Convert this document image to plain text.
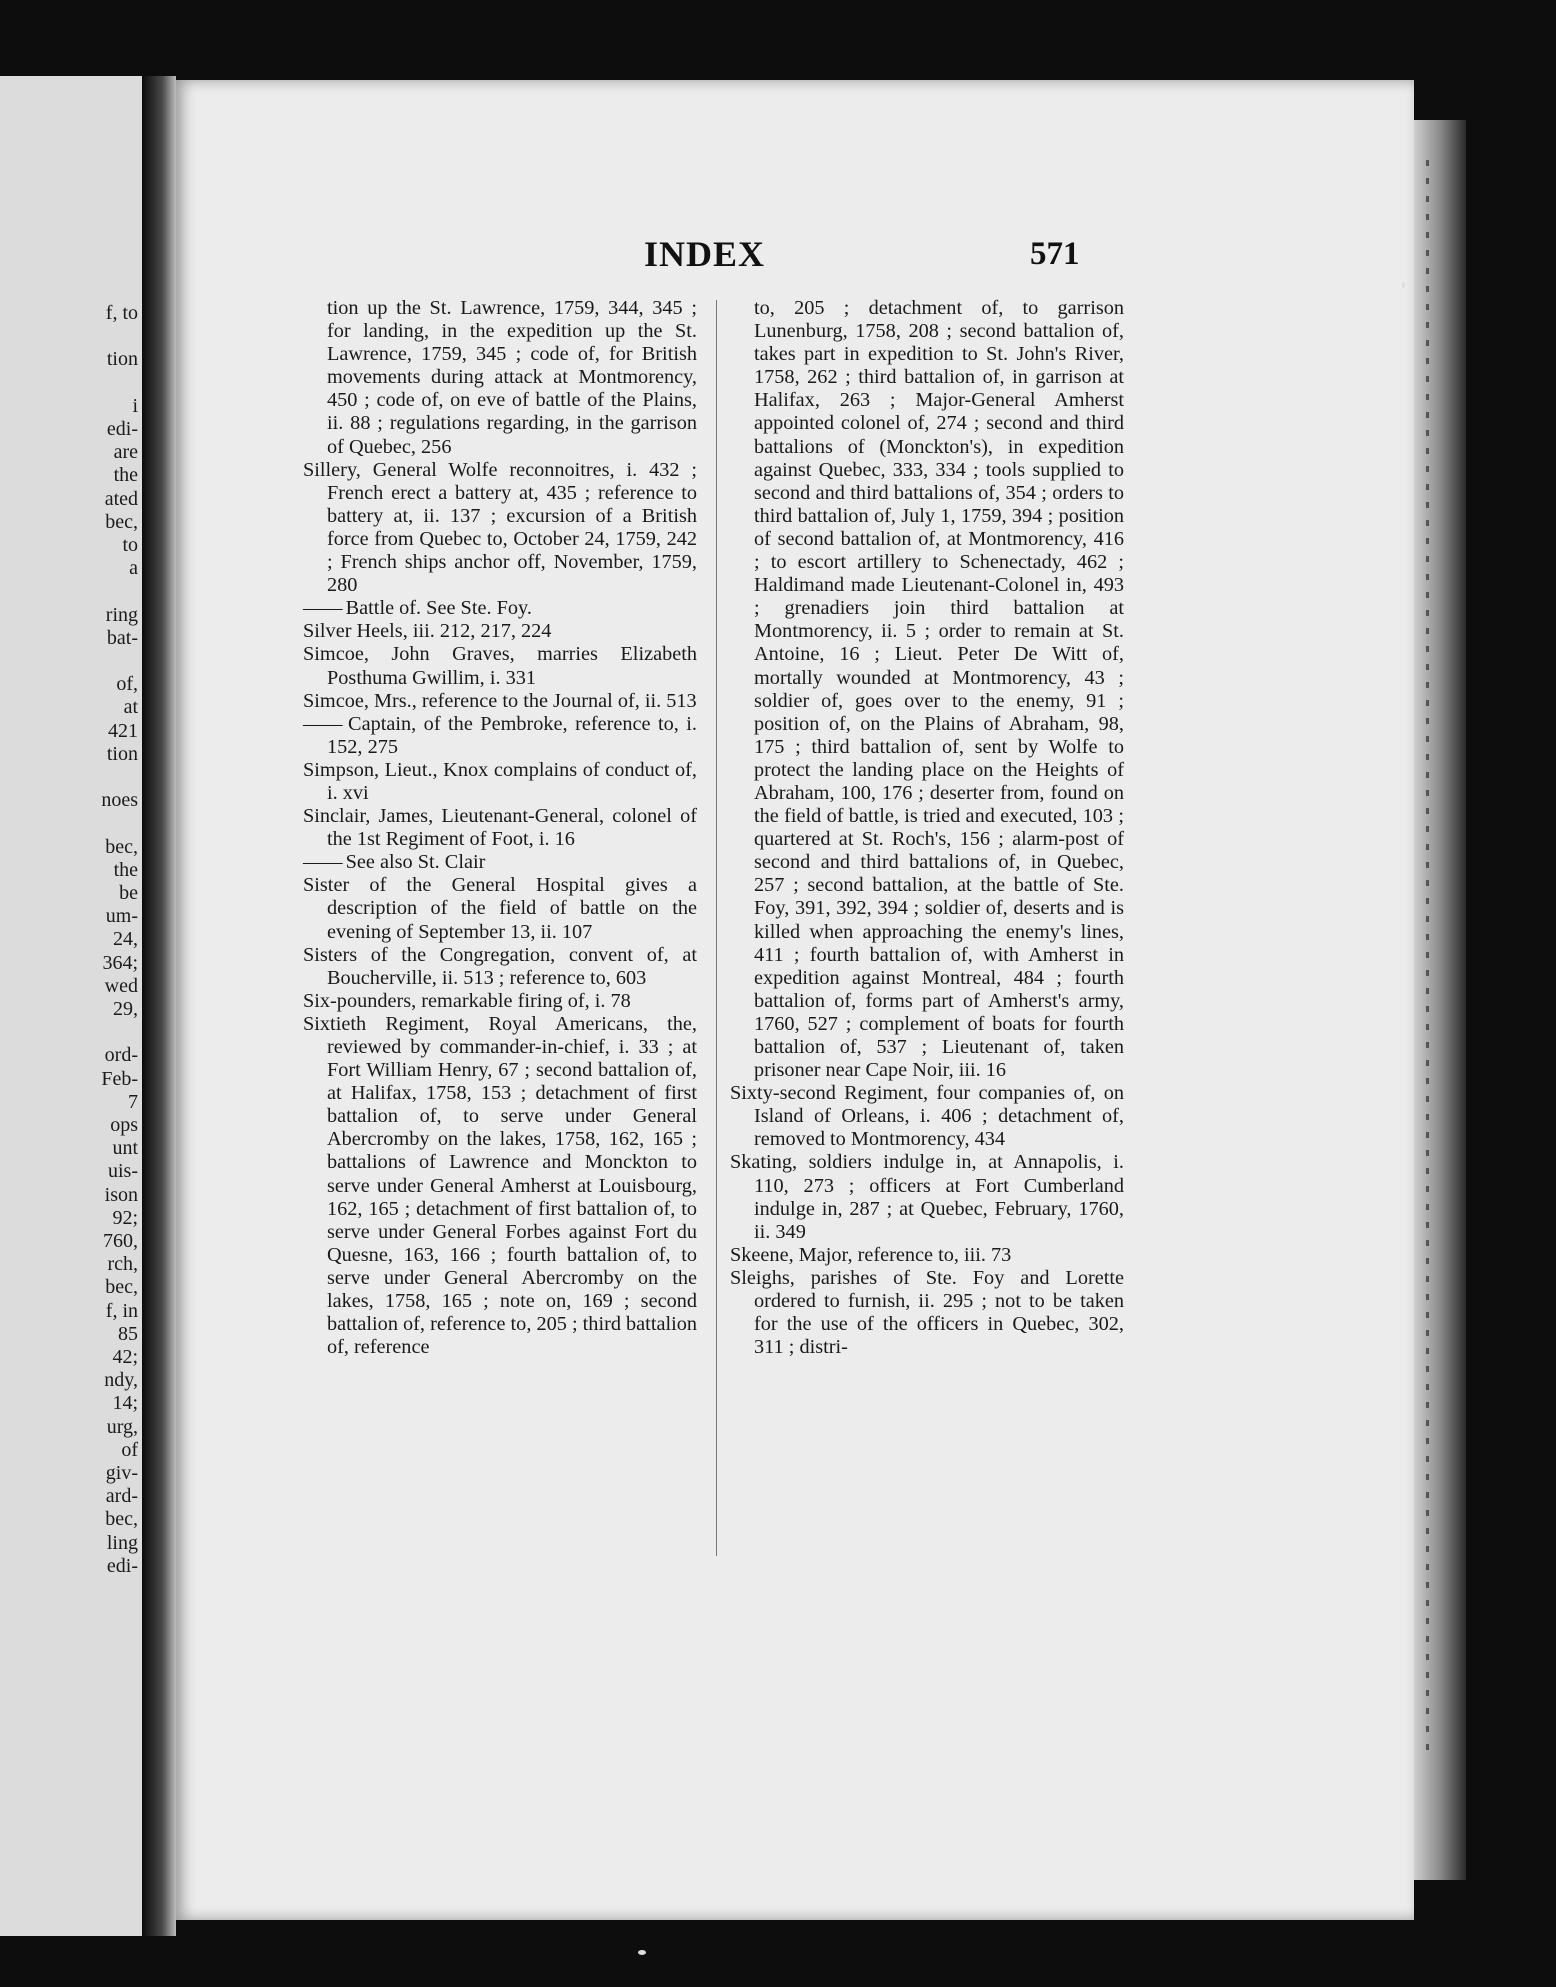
f, to
tion
i
edi-
are
the
ated
bec,
to
a
ring
bat-
of,
at
421
tion
noes
bec,
the
be
um-
24,
364;
wed
29,
ord-
Feb-
7
ops
unt
uis-
ison
92;
760,
rch,
bec,
f, in
85
42;
ndy,
14;
urg,
of
giv-
ard-
bec,
ling
edi-
INDEX	571

tion up the St. Lawrence, 1759, 344, 345 ; for landing, in the expedition up the St. Lawrence, 1759, 345 ; code of, for British movements during attack at Montmorency, 450 ; code of, on eve of battle of the Plains, ii. 88 ; regulations regarding, in the garrison of Quebec, 256

Sillery, General Wolfe reconnoitres, i. 432 ; French erect a battery at, 435 ; reference to battery at, ii. 137 ; excursion of a British force from Quebec to, October 24, 1759, 242 ; French ships anchor off, November, 1759, 280

—— Battle of. See Ste. Foy.

Silver Heels, iii. 212, 217, 224

Simcoe, John Graves, marries Elizabeth Posthuma Gwillim, i. 331

Simcoe, Mrs., reference to the Journal of, ii. 513

—— Captain, of the Pembroke, reference to, i. 152, 275

Simpson, Lieut., Knox complains of conduct of, i. xvi

Sinclair, James, Lieutenant-General, colonel of the 1st Regiment of Foot, i. 16

—— See also St. Clair

Sister of the General Hospital gives a description of the field of battle on the evening of September 13, ii. 107

Sisters of the Congregation, convent of, at Boucherville, ii. 513 ; reference to, 603

Six-pounders, remarkable firing of, i. 78

Sixtieth Regiment, Royal Americans, the, reviewed by commander-in-chief, i. 33 ; at Fort William Henry, 67 ; second battalion of, at Halifax, 1758, 153 ; detachment of first battalion of, to serve under General Abercromby on the lakes, 1758, 162, 165 ; battalions of Lawrence and Monckton to serve under General Amherst at Louisbourg, 162, 165 ; detachment of first battalion of, to serve under General Forbes against Fort du Quesne, 163, 166 ; fourth battalion of, to serve under General Abercromby on the lakes, 1758, 165 ; note on, 169 ; second battalion of, reference to, 205 ; third battalion of, reference

to, 205 ; detachment of, to garrison Lunenburg, 1758, 208 ; second battalion of, takes part in expedition to St. John's River, 1758, 262 ; third battalion of, in garrison at Halifax, 263 ; Major-General Amherst appointed colonel of, 274 ; second and third battalions of (Monckton's), in expedition against Quebec, 333, 334 ; tools supplied to second and third battalions of, 354 ; orders to third battalion of, July 1, 1759, 394 ; position of second battalion of, at Montmorency, 416 ; to escort artillery to Schenectady, 462 ; Haldimand made Lieutenant-Colonel in, 493 ; grenadiers join third battalion at Montmorency, ii. 5 ; order to remain at St. Antoine, 16 ; Lieut. Peter De Witt of, mortally wounded at Montmorency, 43 ; soldier of, goes over to the enemy, 91 ; position of, on the Plains of Abraham, 98, 175 ; third battalion of, sent by Wolfe to protect the landing place on the Heights of Abraham, 100, 176 ; deserter from, found on the field of battle, is tried and executed, 103 ; quartered at St. Roch's, 156 ; alarm-post of second and third battalions of, in Quebec, 257 ; second battalion, at the battle of Ste. Foy, 391, 392, 394 ; soldier of, deserts and is killed when approaching the enemy's lines, 411 ; fourth battalion of, with Amherst in expedition against Montreal, 484 ; fourth battalion of, forms part of Amherst's army, 1760, 527 ; complement of boats for fourth battalion of, 537 ; Lieutenant of, taken prisoner near Cape Noir, iii. 16

Sixty-second Regiment, four companies of, on Island of Orleans, i. 406 ; detachment of, removed to Montmorency, 434

Skating, soldiers indulge in, at Annapolis, i. 110, 273 ; officers at Fort Cumberland indulge in, 287 ; at Quebec, February, 1760, ii. 349

Skeene, Major, reference to, iii. 73

Sleighs, parishes of Ste. Foy and Lorette ordered to furnish, ii. 295 ; not to be taken for the use of the officers in Quebec, 302, 311 ; distri-
